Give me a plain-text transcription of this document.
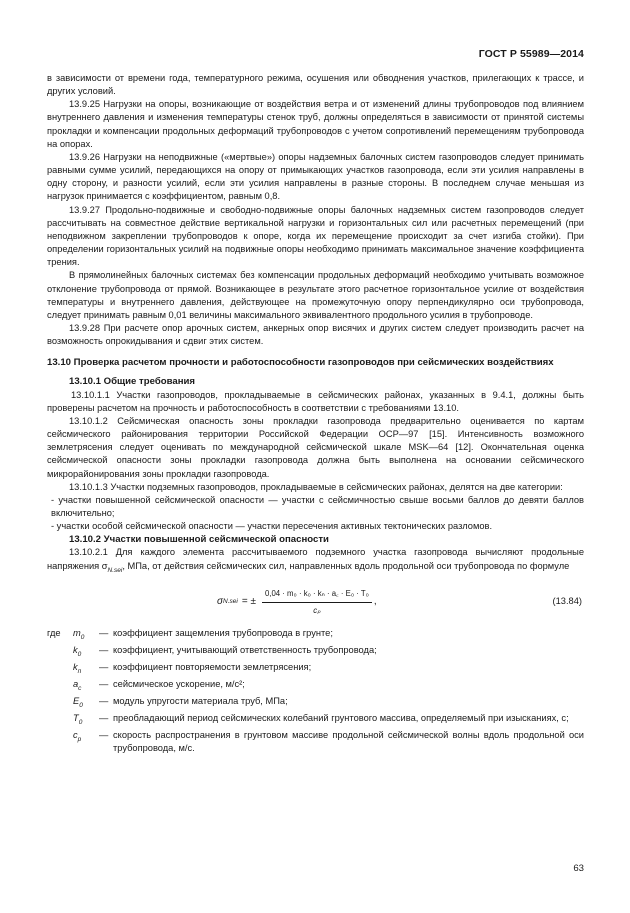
ГОСТ Р 55989—2014

в зависимости от времени года, температурного режима, осушения или обводнения участков, прилегающих к трассе, и других условий.

13.9.25 Нагрузки на опоры, возникающие от воздействия ветра и от изменений длины трубопроводов под влиянием внутреннего давления и изменения температуры стенок труб, должны определяться в зависимости от принятой системы прокладки и компенсации продольных деформаций трубопроводов с учетом сопротивлений перемещениям трубопровода на опорах.

13.9.26 Нагрузки на неподвижные («мертвые») опоры надземных балочных систем газопроводов следует принимать равными сумме усилий, передающихся на опору от примыкающих участков газопровода, если эти усилия направлены в одну сторону, и разности усилий, если эти усилия направлены в разные стороны. В последнем случае меньшая из нагрузок принимается с коэффициентом, равным 0,8.

13.9.27 Продольно-подвижные и свободно-подвижные опоры балочных надземных систем газопроводов следует рассчитывать на совместное действие вертикальной нагрузки и горизонтальных сил или расчетных перемещений (при неподвижном закреплении трубопроводов к опоре, когда их перемещение происходит за счет изгиба стойки). При определении горизонтальных усилий на подвижные опоры необходимо принимать максимальное значение коэффициента трения.

В прямолинейных балочных системах без компенсации продольных деформаций необходимо учитывать возможное отклонение трубопровода от прямой. Возникающее в результате этого расчетное горизонтальное усилие от воздействия температуры и внутреннего давления, действующее на промежуточную опору перпендикулярно оси трубопровода, следует принимать равным 0,01 величины максимального эквивалентного продольного усилия в трубопроводе.

13.9.28 При расчете опор арочных систем, анкерных опор висячих и других систем следует производить расчет на возможность опрокидывания и сдвиг этих систем.

13.10 Проверка расчетом прочности и работоспособности газопроводов при сейсмических воздействиях

13.10.1 Общие требования

13.10.1.1 Участки газопроводов, прокладываемые в сейсмических районах, указанных в 9.4.1, должны быть проверены расчетом на прочность и работоспособность в соответствии с требованиями 13.10.

13.10.1.2 Сейсмическая опасность зоны прокладки газопровода предварительно оценивается по картам сейсмического районирования территории Российской Федерации ОСР—97 [15]. Интенсивность возможного землетрясения следует оценивать по международной сейсмической шкале MSK—64 [12]. Окончательная оценка сейсмической опасности зоны прокладки газопровода должна быть выполнена на основании сейсмического микрорайонирования зоны прокладки газопровода.

13.10.1.3 Участки подземных газопроводов, прокладываемые в сейсмических районах, делятся на две категории:

- участки повышенной сейсмической опасности — участки с сейсмичностью свыше восьми баллов до девяти баллов включительно;

- участки особой сейсмической опасности — участки пересечения активных тектонических разломов.

13.10.2 Участки повышенной сейсмической опасности

13.10.2.1 Для каждого элемента рассчитываемого подземного участка газопровода вычисляют продольные напряжения $\sigma_{N.sei}$, МПа, от действия сейсмических сил, направленных вдоль продольной оси трубопровода по формуле

σ N.sei = ± $\frac{\text{0,04 · m₀ · k₀ · kₙ · a꜀ · E₀ · T₀}}{\text{cₚ}}$ ,	(13.84)
где	$m_0$	— коэффициент защемления трубопровода в грунте;
$k_0$	— коэффициент, учитывающий ответственность трубопровода;
$k_п$	— коэффициент повторяемости землетрясения;
$a_c$	— сейсмическое ускорение, м/с²;
$E_0$	— модуль упругости материала труб, МПа;
$T_0$	— преобладающий период сейсмических колебаний грунтового массива, определяемый при изысканиях, с;
$c_p$	— скорость распространения в грунтовом массиве продольной сейсмической волны вдоль продольной оси трубопровода, м/с.
63
